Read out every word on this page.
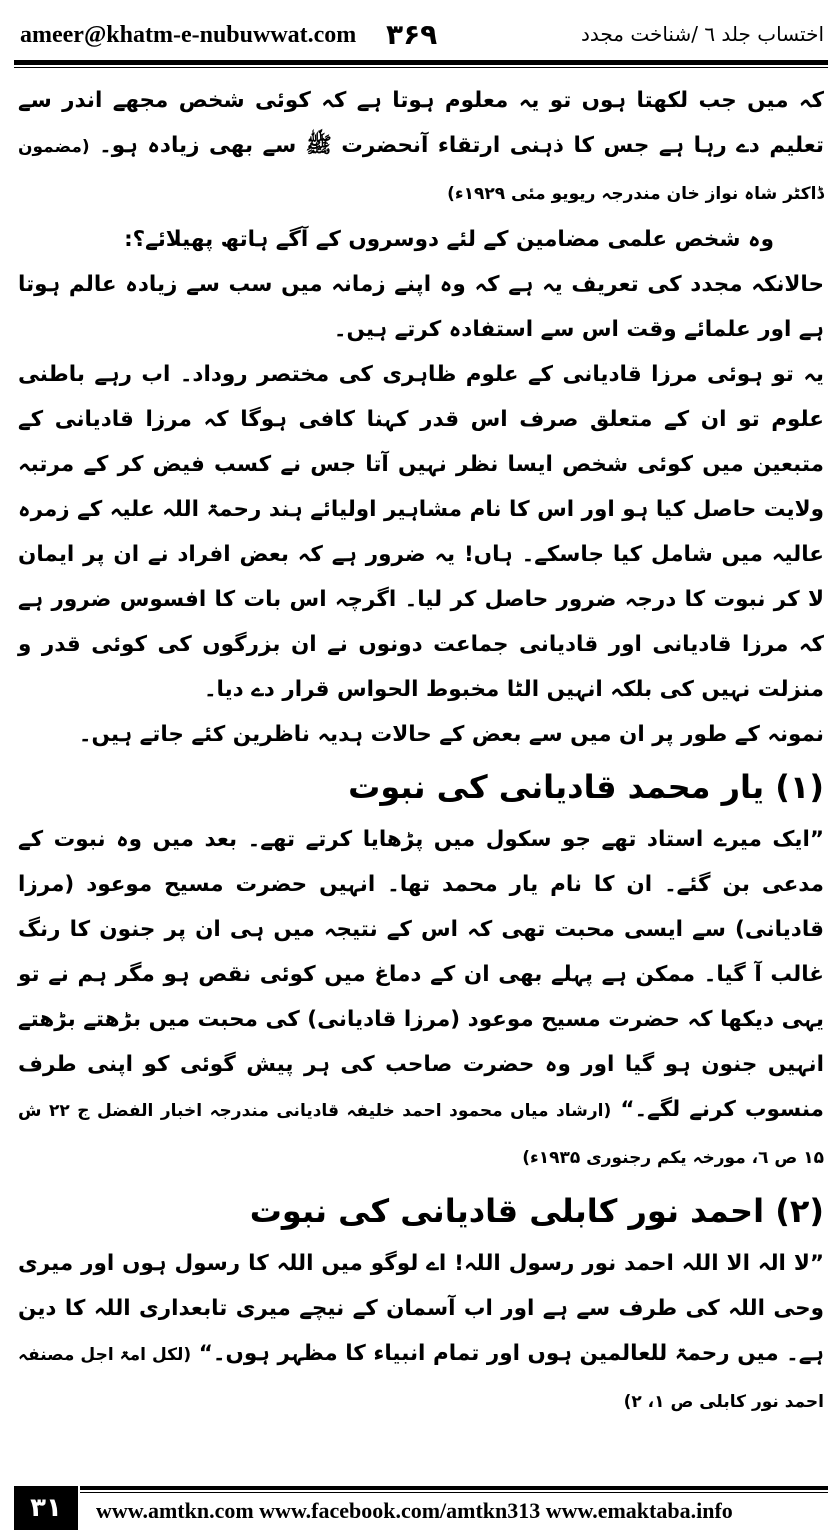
ameer@khatm-e-nubuwwat.com ۳۶۹	اختساب جلد ٦ /شناخت مجدد

کہ میں جب لکھتا ہوں تو یہ معلوم ہوتا ہے کہ کوئی شخص مجھے اندر سے تعلیم دے رہا ہے جس کا ذہنی ارتقاء آنحضرت ﷺ سے بھی زیادہ ہو۔ (مضمون ڈاکٹر شاہ نواز خان مندرجہ ریویو مئی ۱۹۲۹ء)

وہ شخص علمی مضامین کے لئے دوسروں کے آگے ہاتھ پھیلائے؟:

حالانکہ مجدد کی تعریف یہ ہے کہ وہ اپنے زمانہ میں سب سے زیادہ عالم ہوتا ہے اور علمائے وقت اس سے استفادہ کرتے ہیں۔

یہ تو ہوئی مرزا قادیانی کے علوم ظاہری کی مختصر روداد۔ اب رہے باطنی علوم تو ان کے متعلق صرف اس قدر کہنا کافی ہوگا کہ مرزا قادیانی کے متبعین میں کوئی شخص ایسا نظر نہیں آتا جس نے کسب فیض کر کے مرتبہ ولایت حاصل کیا ہو اور اس کا نام مشاہیر اولیائے ہند رحمۃ اللہ علیہ کے زمرہ عالیہ میں شامل کیا جاسکے۔ ہاں! یہ ضرور ہے کہ بعض افراد نے ان پر ایمان لا کر نبوت کا درجہ ضرور حاصل کر لیا۔ اگرچہ اس بات کا افسوس ضرور ہے کہ مرزا قادیانی اور قادیانی جماعت دونوں نے ان بزرگوں کی کوئی قدر و منزلت نہیں کی بلکہ انہیں الٹا مخبوط الحواس قرار دے دیا۔

نمونہ کے طور پر ان میں سے بعض کے حالات ہدیہ ناظرین کئے جاتے ہیں۔

(۱) یار محمد قادیانی کی نبوت

”ایک میرے استاد تھے جو سکول میں پڑھایا کرتے تھے۔ بعد میں وہ نبوت کے مدعی بن گئے۔ ان کا نام یار محمد تھا۔ انہیں حضرت مسیح موعود (مرزا قادیانی) سے ایسی محبت تھی کہ اس کے نتیجہ میں ہی ان پر جنون کا رنگ غالب آ گیا۔ ممکن ہے پہلے بھی ان کے دماغ میں کوئی نقص ہو مگر ہم نے تو یہی دیکھا کہ حضرت مسیح موعود (مرزا قادیانی) کی محبت میں بڑھتے بڑھتے انہیں جنون ہو گیا اور وہ حضرت صاحب کی ہر پیش گوئی کو اپنی طرف منسوب کرنے لگے۔“ (ارشاد میاں محمود احمد خلیفہ قادیانی مندرجہ اخبار الفضل ج ۲۲ ش ۱۵ ص ٦، مورخہ یکم رجنوری ۱۹۳۵ء)

(۲) احمد نور کابلی قادیانی کی نبوت

”لا الہ الا اللہ احمد نور رسول اللہ! اے لوگو میں اللہ کا رسول ہوں اور میری وحی اللہ کی طرف سے ہے اور اب آسمان کے نیچے میری تابعداری اللہ کا دین ہے۔ میں رحمۃ للعالمین ہوں اور تمام انبیاء کا مظہر ہوں۔“ (لکل امۃ اجل مصنفہ احمد نور کابلی ص ۱، ۲)

۳۱	www.amtkn.com www.facebook.com/amtkn313 www.emaktaba.info
